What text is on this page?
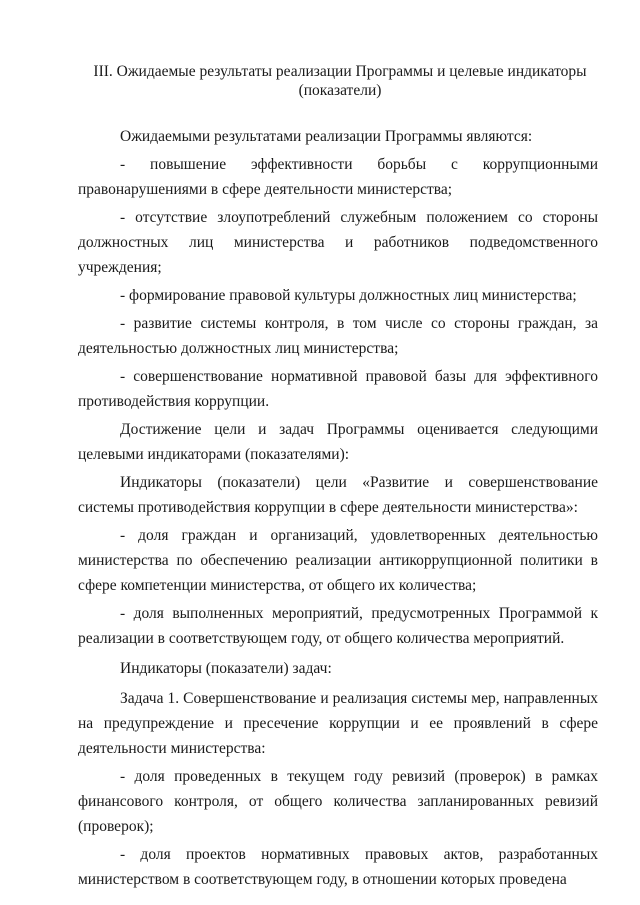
III. Ожидаемые результаты реализации Программы и целевые индикаторы
(показатели)

Ожидаемыми результатами реализации Программы являются:

- повышение эффективности борьбы с коррупционными правонарушениями в сфере деятельности министерства;

- отсутствие злоупотреблений служебным положением со стороны должностных лиц министерства и работников подведомственного учреждения;

- формирование правовой культуры должностных лиц министерства;

- развитие системы контроля, в том числе со стороны граждан, за деятельностью должностных лиц министерства;

- совершенствование нормативной правовой базы для эффективного противодействия коррупции.

Достижение цели и задач Программы оценивается следующими целевыми индикаторами (показателями):

Индикаторы (показатели) цели «Развитие и совершенствование системы противодействия коррупции в сфере деятельности министерства»:

- доля граждан и организаций, удовлетворенных деятельностью министерства по обеспечению реализации антикоррупционной политики в сфере компетенции министерства, от общего их количества;

- доля выполненных мероприятий, предусмотренных Программой к реализации в соответствующем году, от общего количества мероприятий.

Индикаторы (показатели) задач:

Задача 1. Совершенствование и реализация системы мер, направленных на предупреждение и пресечение коррупции и ее проявлений в сфере деятельности министерства:

- доля проведенных в текущем году ревизий (проверок) в рамках финансового контроля, от общего количества запланированных ревизий (проверок);

- доля проектов нормативных правовых актов, разработанных министерством в соответствующем году, в отношении которых проведена
